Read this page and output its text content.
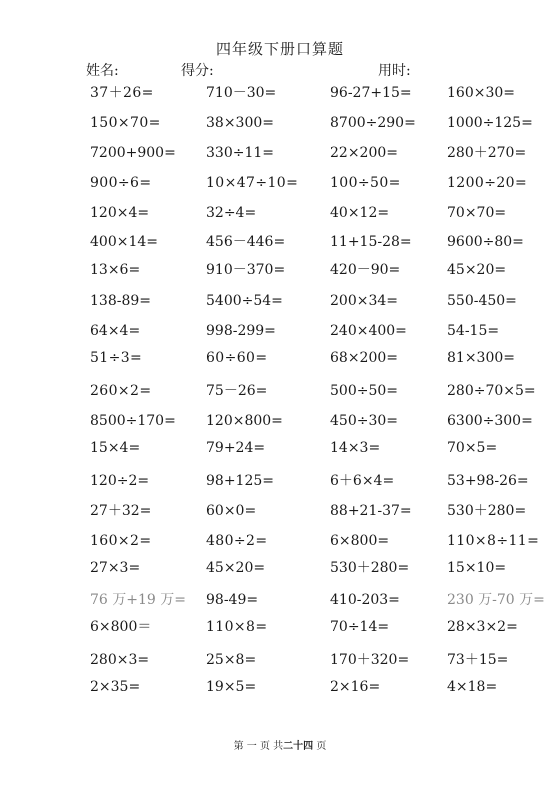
四年级下册口算题
姓名:	得分:	用时:
37＋26=	710－30=	96-27+15=	160×30=
150×70=	38×300=	8700÷290= 1000÷125=
7200+900= 330÷11=	22×200=	280＋270=
900÷6=	10×47÷10= 100÷50=	1200÷20=
120×4=	32÷4=	40×12=	70×70=
400×14=	456－446=	11+15-28=	9600÷80=
13×6=	910－370=	420－90=	45×20=
138-89=	5400÷54=	200×34=	550-450=
64×4=	998-299=	240×400=	54-15=
51÷3=	60÷60=	68×200=	81×300=
260×2=	75－26=	500÷50=	280÷70×5=
8500÷170= 120×800=	450÷30=	6300÷300=
15×4=	79+24=	14×3=	70×5=
120÷2=	98+125=	6＋6×4=	53+98-26=
27＋32=	60×0=	88+21-37=	530＋280=
160×2=	480÷2=	6×800=	110×8÷11=
27×3=	45×20=	530＋280=	15×10=
76 万+19 万= 98-49=	410-203=	230 万-70 万=
6×800＝	110×8=	70÷14=	28×3×2=
280×3=	25×8=	170＋320=	73＋15=
2×35=	19×5=	2×16=	4×18=
第 一 页 共二十四 页
